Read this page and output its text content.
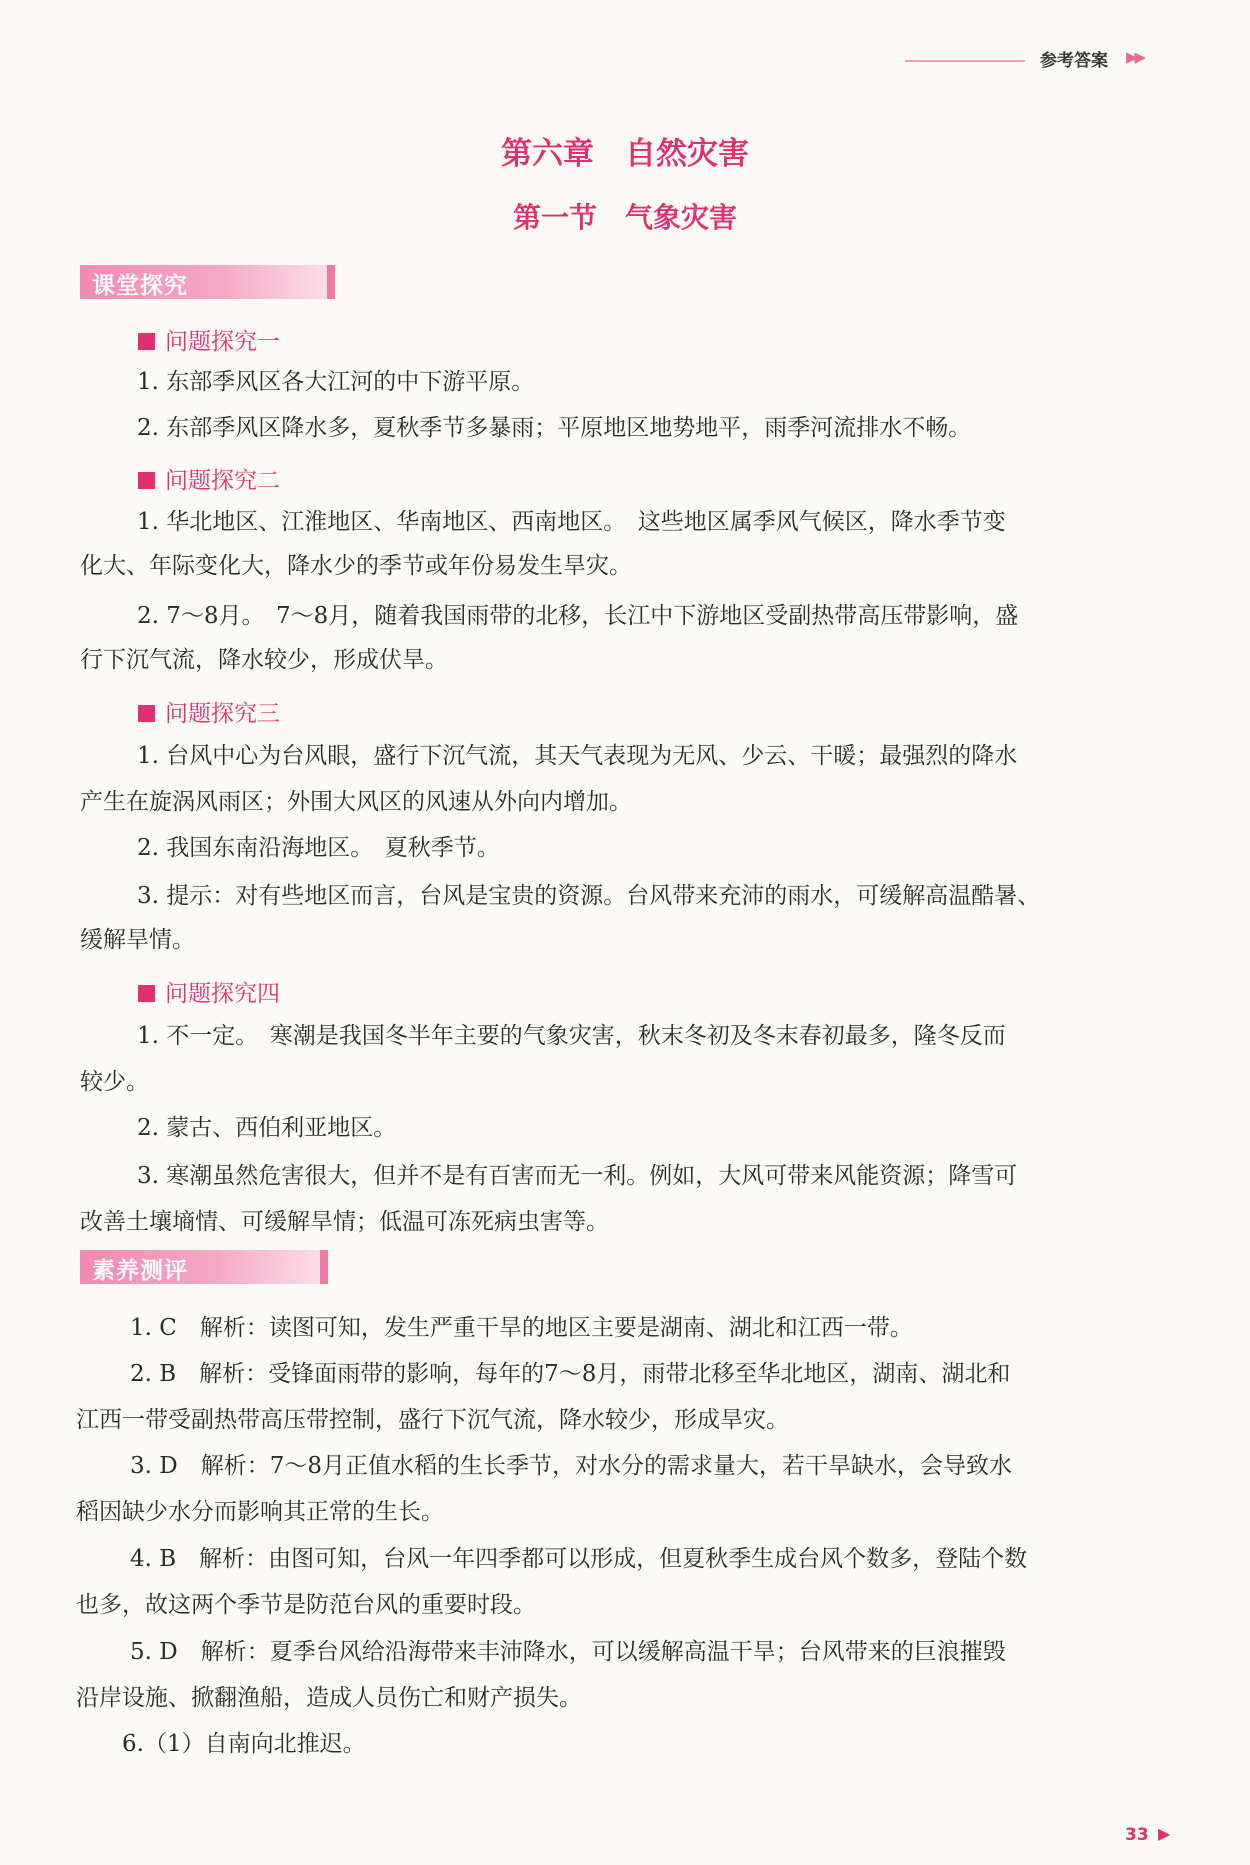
参考答案 ▶▶
第六章　自然灾害
第一节　气象灾害
课堂探究
问题探究一
1. 东部季风区各大江河的中下游平原。
2. 东部季风区降水多，夏秋季节多暴雨；平原地区地势地平，雨季河流排水不畅。
问题探究二
1. 华北地区、江淮地区、华南地区、西南地区。　这些地区属季风气候区，降水季节变
化大、年际变化大，降水少的季节或年份易发生旱灾。
2. 7～8月。　7～8月，随着我国雨带的北移，长江中下游地区受副热带高压带影响，盛
行下沉气流，降水较少，形成伏旱。
问题探究三
1. 台风中心为台风眼，盛行下沉气流，其天气表现为无风、少云、干暖；最强烈的降水
产生在旋涡风雨区；外围大风区的风速从外向内增加。
2. 我国东南沿海地区。　夏秋季节。
3. 提示：对有些地区而言，台风是宝贵的资源。台风带来充沛的雨水，可缓解高温酷暑、
缓解旱情。
问题探究四
1. 不一定。　寒潮是我国冬半年主要的气象灾害，秋末冬初及冬末春初最多，隆冬反而
较少。
2. 蒙古、西伯利亚地区。
3. 寒潮虽然危害很大，但并不是有百害而无一利。例如，大风可带来风能资源；降雪可
改善土壤墒情、可缓解旱情；低温可冻死病虫害等。
素养测评
1. C　解析：读图可知，发生严重干旱的地区主要是湖南、湖北和江西一带。
2. B　解析：受锋面雨带的影响，每年的7～8月，雨带北移至华北地区，湖南、湖北和
江西一带受副热带高压带控制，盛行下沉气流，降水较少，形成旱灾。
3. D　解析：7～8月正值水稻的生长季节，对水分的需求量大，若干旱缺水，会导致水
稻因缺少水分而影响其正常的生长。
4. B　解析：由图可知，台风一年四季都可以形成，但夏秋季生成台风个数多，登陆个数
也多，故这两个季节是防范台风的重要时段。
5. D　解析：夏季台风给沿海带来丰沛降水，可以缓解高温干旱；台风带来的巨浪摧毁
沿岸设施、掀翻渔船，造成人员伤亡和财产损失。
6.（1）自南向北推迟。
33 ▶
